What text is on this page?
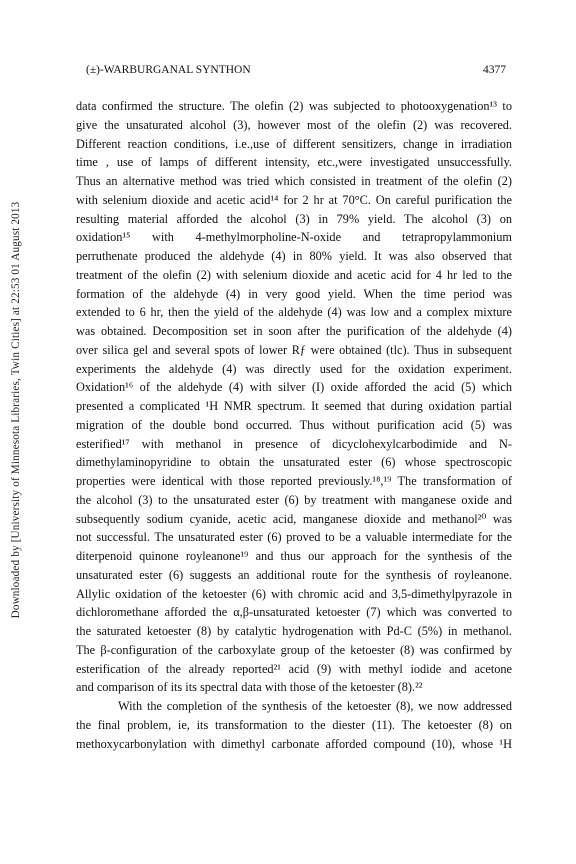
Downloaded by [University of Minnesota Libraries, Twin Cities] at 22:53 01 August 2013
(±)-WARBURGANAL SYNTHON	4377
data confirmed the structure. The olefin (2) was subjected to photooxygenation¹³ to
give the unsaturated alcohol (3), however most of the olefin (2) was recovered.
Different reaction conditions, i.e.,use of different sensitizers, change in irradiation
time , use of lamps of different intensity, etc.,were investigated unsuccessfully.
Thus an alternative method was tried which consisted in treatment of the olefin (2)
with selenium dioxide and acetic acid¹⁴ for 2 hr at 70°C. On careful purification the
resulting material afforded the alcohol (3) in 79% yield. The alcohol (3) on
oxidation¹⁵ with 4-methylmorpholine-N-oxide and tetrapropylammonium
perruthenate produced the aldehyde (4) in 80% yield. It was also observed that
treatment of the olefin (2) with selenium dioxide and acetic acid for 4 hr led to the
formation of the aldehyde (4) in very good yield. When the time period was
extended to 6 hr, then the yield of the aldehyde (4) was low and a complex mixture
was obtained. Decomposition set in soon after the purification of the aldehyde (4)
over silica gel and several spots of lower Rƒ were obtained (tlc). Thus in subsequent
experiments the aldehyde (4) was directly used for the oxidation experiment.
Oxidation¹⁶ of the aldehyde (4) with silver (I) oxide afforded the acid (5) which
presented a complicated ¹H NMR spectrum. It seemed that during oxidation partial
migration of the double bond occurred. Thus without purification acid (5) was
esterified¹⁷ with methanol in presence of dicyclohexylcarbodimide and N-
dimethylaminopyridine to obtain the unsaturated ester (6) whose spectroscopic
properties were identical with those reported previously.¹⁸,¹⁹ The transformation of
the alcohol (3) to the unsaturated ester (6) by treatment with manganese oxide and
subsequently sodium cyanide, acetic acid, manganese dioxide and methanol²⁰ was
not successful. The unsaturated ester (6) proved to be a valuable intermediate for the
diterpenoid quinone royleanone¹⁹ and thus our approach for the synthesis of the
unsaturated ester (6) suggests an additional route for the synthesis of royleanone.
Allylic oxidation of the ketoester (6) with chromic acid and 3,5-dimethylpyrazole in
dichloromethane afforded the α,β-unsaturated ketoester (7) which was converted to
the saturated ketoester (8) by catalytic hydrogenation with Pd-C (5%) in methanol.
The β-configuration of the carboxylate group of the ketoester (8) was confirmed by
esterification of the already reported²¹ acid (9) with methyl iodide and acetone
and comparison of its its spectral data with those of the ketoester (8).²²
With the completion of the synthesis of the ketoester (8), we now addressed
the final problem, ie, its transformation to the diester (11). The ketoester (8) on
methoxycarbonylation with dimethyl carbonate afforded compound (10), whose ¹H
